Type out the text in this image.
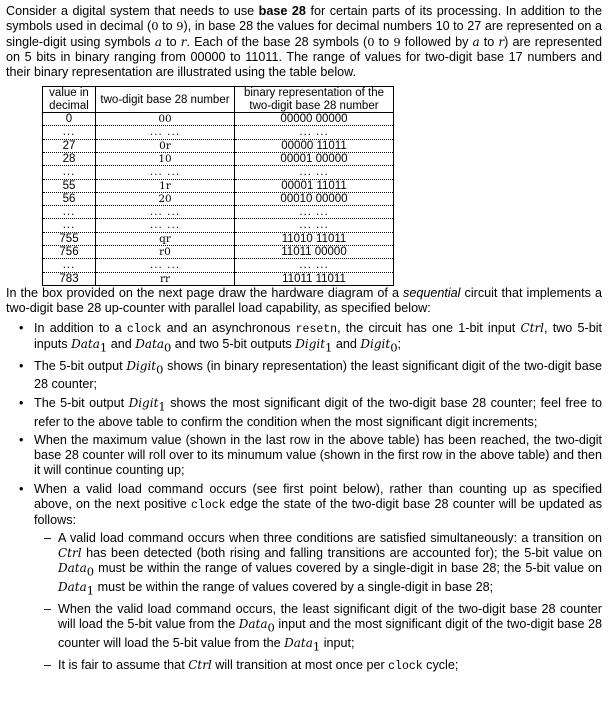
Consider a digital system that needs to use base 28 for certain parts of its processing. In addition to the symbols used in decimal (0 to 9), in base 28 the values for decimal numbers 10 to 27 are represented on a single-digit using symbols a to r. Each of the base 28 symbols (0 to 9 followed by a to r) are represented on 5 bits in binary ranging from 00000 to 11011. The range of values for two-digit base 17 numbers and their binary representation are illustrated using the table below.

value in decimal	two-digit base 28 number	binary representation of the two-digit base 28 number
0	00	00000 00000
...	... ...	... ...
27	0r	00000 11011
28	10	00001 00000
...	... ...	... ...
55	1r	00001 11011
56	20	00010 00000
...	... ...	... ...
...	... ...	... ...
755	qr	11010 11011
756	r0	11011 00000
...	... ...	... ...
783	rr	11011 11011

In the box provided on the next page draw the hardware diagram of a sequential circuit that implements a two-digit base 28 up-counter with parallel load capability, as specified below:

• In addition to a clock and an asynchronous resetn, the circuit has one 1-bit input Ctrl, two 5-bit inputs Data$_1$ and Data$_0$ and two 5-bit outputs Digit$_1$ and Digit$_0$;
• The 5-bit output Digit$_0$ shows (in binary representation) the least significant digit of the two-digit base 28 counter;
• The 5-bit output Digit$_1$ shows the most significant digit of the two-digit base 28 counter; feel free to refer to the above table to confirm the condition when the most significant digit increments;
• When the maximum value (shown in the last row in the above table) has been reached, the two-digit base 28 counter will roll over to its minumum value (shown in the first row in the above table) and then it will continue counting up;
• When a valid load command occurs (see first point below), rather than counting up as specified above, on the next positive clock edge the state of the two-digit base 28 counter will be updated as follows:
– A valid load command occurs when three conditions are satisfied simultaneously: a transition on Ctrl has been detected (both rising and falling transitions are accounted for); the 5-bit value on Data$_0$ must be within the range of values covered by a single-digit in base 28; the 5-bit value on Data$_1$ must be within the range of values covered by a single-digit in base 28;
– When the valid load command occurs, the least significant digit of the two-digit base 28 counter will load the 5-bit value from the Data$_0$ input and the most significant digit of the two-digit base 28 counter will load the 5-bit value from the Data$_1$ input;
– It is fair to assume that Ctrl will transition at most once per clock cycle;
